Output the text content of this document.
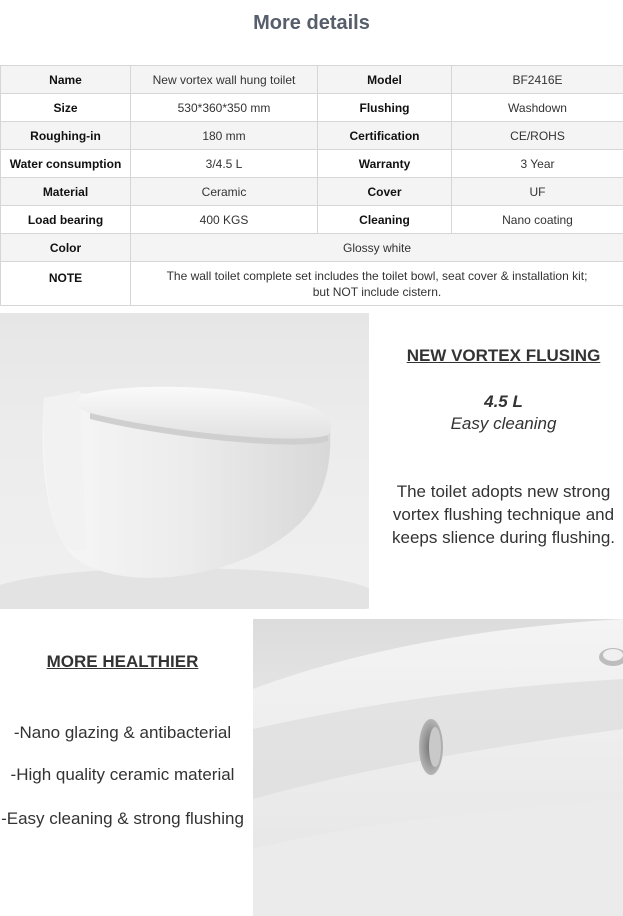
More details
Name	New vortex wall hung toilet	Model	BF2416E
Size	530*360*350 mm	Flushing	Washdown
Roughing-in	180 mm	Certification	CE/ROHS
Water consumption	3/4.5 L	Warranty	3 Year
Material	Ceramic	Cover	UF
Load bearing	400 KGS	Cleaning	Nano coating
Color	Glossy white		
NOTE	The wall toilet complete set includes the toilet bowl, seat cover & installation kit;
but NOT include cistern.		
NEW VORTEX FLUSING
4.5 L
Easy cleaning
The toilet adopts new strong
vortex flushing technique and
keeps slience during flushing.
MORE HEALTHIER
-Nano glazing & antibacterial
-High quality ceramic material
-Easy cleaning & strong flushing
